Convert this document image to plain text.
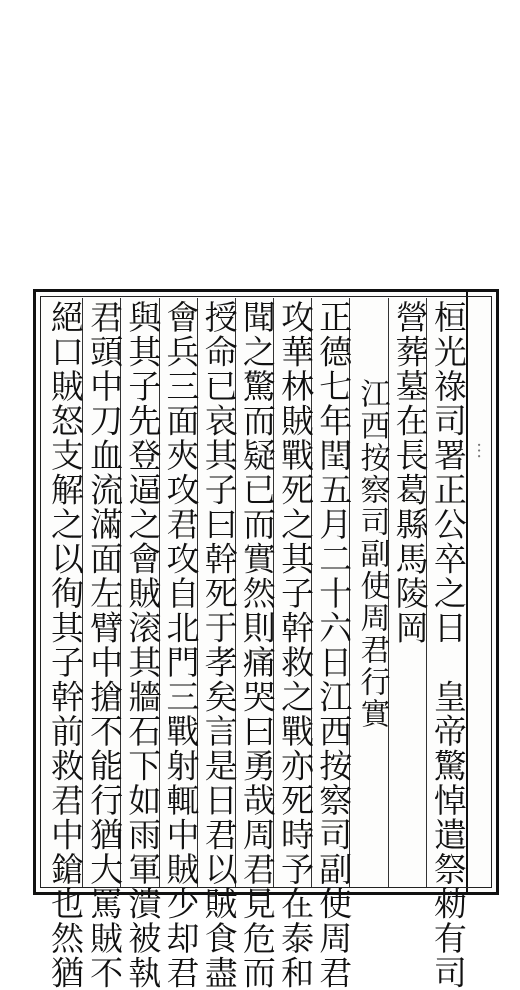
桓光祿司署正公卒之日　皇帝驚悼遣祭勑有司
營葬墓在長葛縣馬陵岡
江西按察司副使周君行實
正德七年閏五月二十六日江西按察司副使周君
攻華林賊戰死之其子幹救之戰亦死時予在泰和
聞之驚而疑已而實然則痛哭曰勇哉周君見危而
授命已哀其子曰幹死于孝矣言是日君以賊食盡
會兵三面夾攻君攻自北門三戰射輒中賊少却君
與其子先登逼之會賊滚其牆石下如雨軍潰被執
君頭中刀血流滿面左臂中搶不能行猶大罵賊不
絕口賊怒支解之以徇其子幹前救君中鎗也然猶	…
